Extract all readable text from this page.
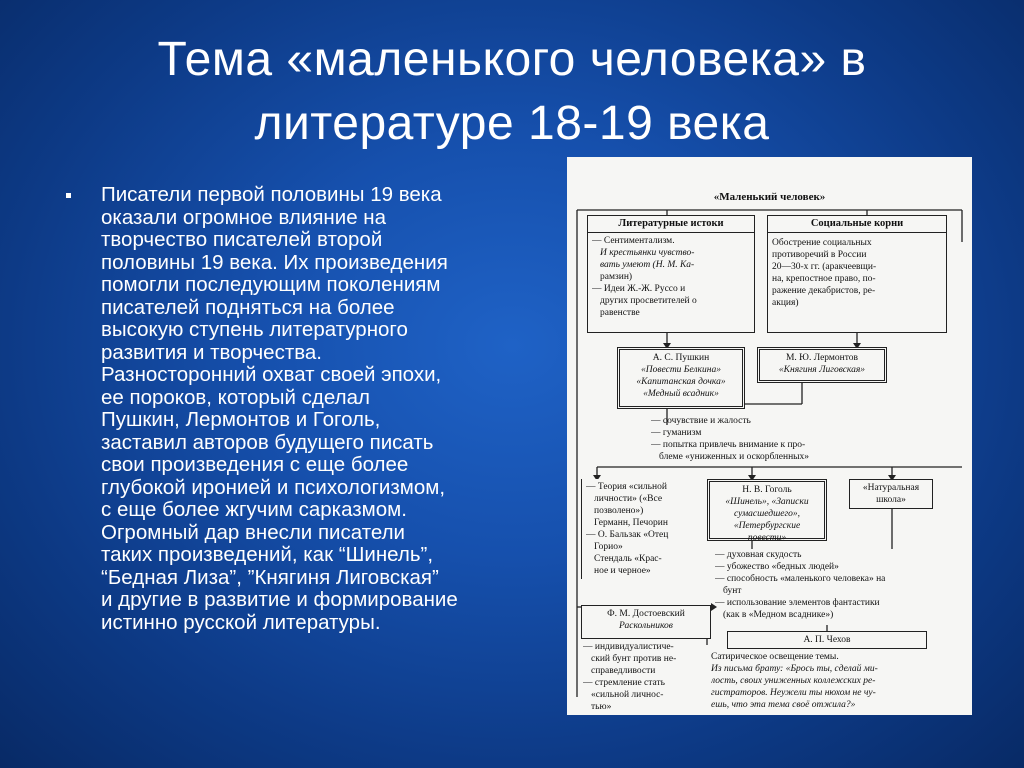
Тема «маленького человека» в
литературе 18-19 века
Писатели первой половины 19 века
оказали огромное влияние на
творчество писателей второй
половины 19 века. Их произведения
помогли последующим поколениям
писателей подняться на более
высокую ступень литературного
развития и творчества.
Разносторонний охват своей эпохи,
ее пороков, который сделал
Пушкин, Лермонтов и Гоголь,
заставил авторов будущего писать
свои произведения с еще более
глубокой иронией и психологизмом,
с еще более жгучим сарказмом.
Огромный дар внесли писатели
таких произведений, как “Шинель”,
“Бедная Лиза”, ”Княгиня Лиговская”
и другие в развитие и формирование
истинно русской литературы.
«Маленький человек»
Литературные истоки
— Сентиментализм.
И крестьянки чувство-
вать умеют (Н. М. Ка-
рамзин)
— Идеи Ж.-Ж. Руссо и
других просветителей о
равенстве
Социальные корни
Обострение социальных
противоречий в России
20—30-х гг. (аракчеевщи-
на, крепостное право, по-
ражение декабристов, ре-
акция)
А. С. Пушкин
«Повести Белкина»
«Капитанская дочка»
«Медный всадник»
М. Ю. Лермонтов
«Княгиня Лиговская»
— сочувствие и жалость
— гуманизм
— попытка привлечь внимание к про-
блеме «униженных и оскорбленных»
— Теория «сильной
личности» («Все
позволено»)
Германн, Печорин
— О. Бальзак «Отец
Горио»
Стендаль «Крас-
ное и черное»
Н. В. Гоголь
«Шинель», «Записки
сумасшедшего»,
«Петербургские
повести»
«Натуральная
школа»
— духовная скудость
— убожество «бедных людей»
— способность «маленького человека» на
бунт
— использование элементов фантастики
(как в «Медном всаднике»)
Ф. М. Достоевский
Раскольников
А. П. Чехов
Сатирическое освещение темы.
Из письма брату: «Брось ты, сделай ми-
лость, своих униженных коллежских ре-
гистраторов. Неужели ты нюхом не чу-
ешь, что эта тема своё отжила?»
— индивидуалистиче-
ский бунт против не-
справедливости
— стремление стать
«сильной личнос-
тью»
